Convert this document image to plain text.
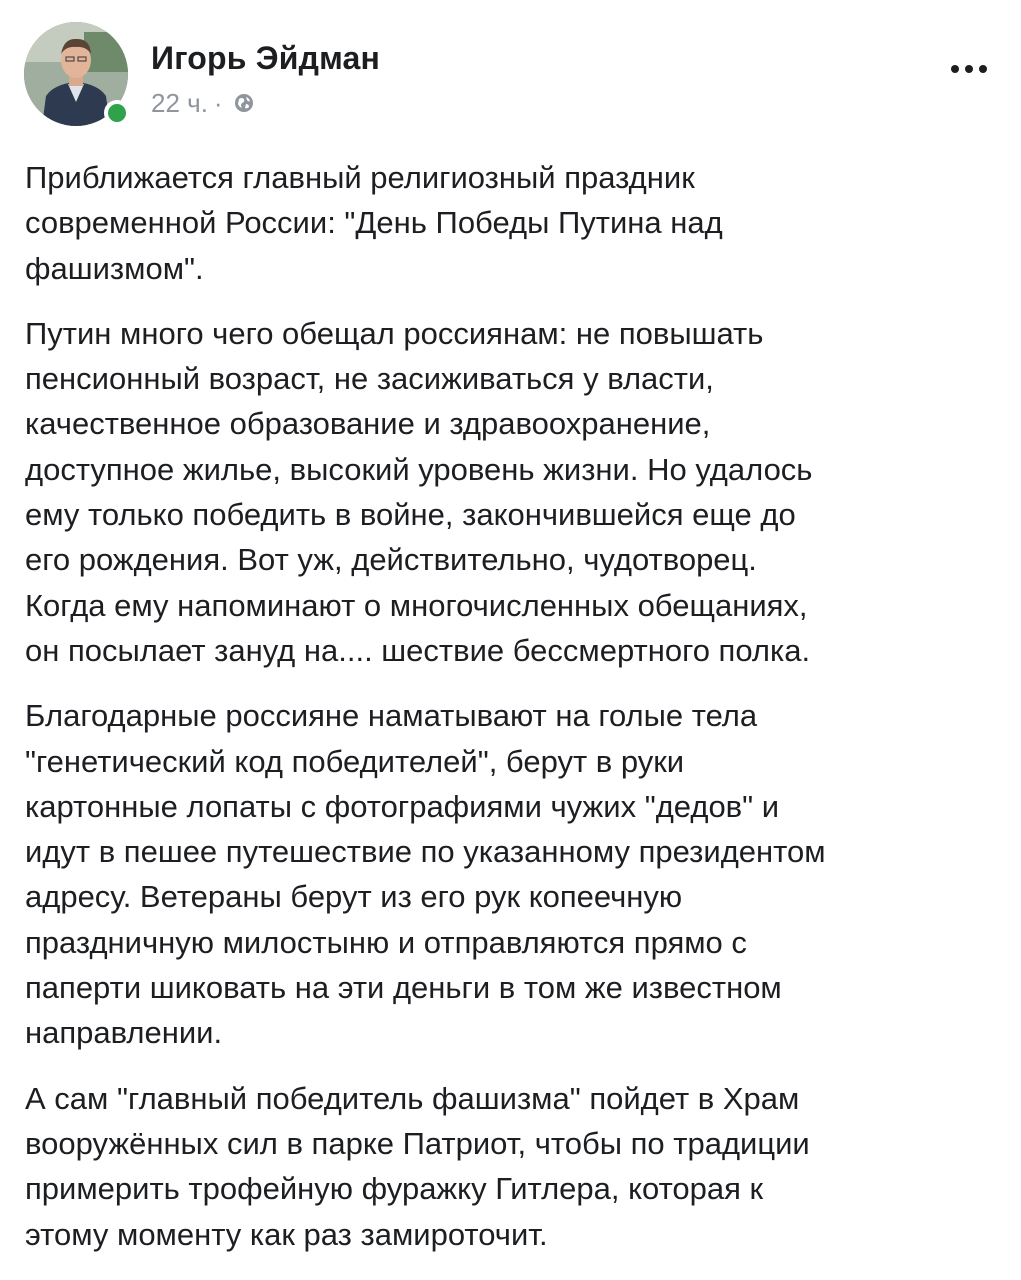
Игорь Эйдман
22 ч. ·

Приближается главный религиозный праздник
современной России: "День Победы Путина над
фашизмом".

Путин много чего обещал россиянам: не повышать
пенсионный возраст, не засиживаться у власти,
качественное образование и здравоохранение,
доступное жилье, высокий уровень жизни. Но удалось
ему только победить в войне, закончившейся еще до
его рождения. Вот уж, действительно, чудотворец.
Когда ему напоминают о многочисленных обещаниях,
он посылает зануд на.... шествие бессмертного полка.

Благодарные россияне наматывают на голые тела
"генетический код победителей", берут в руки
картонные лопаты с фотографиями чужих "дедов" и
идут в пешее путешествие по указанному президентом
адресу. Ветераны берут из его рук копеечную
праздничную милостыню и отправляются прямо с
паперти шиковать на эти деньги в том же известном
направлении.

А сам "главный победитель фашизма" пойдет в Храм
вооружённых сил в парке Патриот, чтобы по традиции
примерить трофейную фуражку Гитлера, которая к
этому моменту как раз замироточит.
